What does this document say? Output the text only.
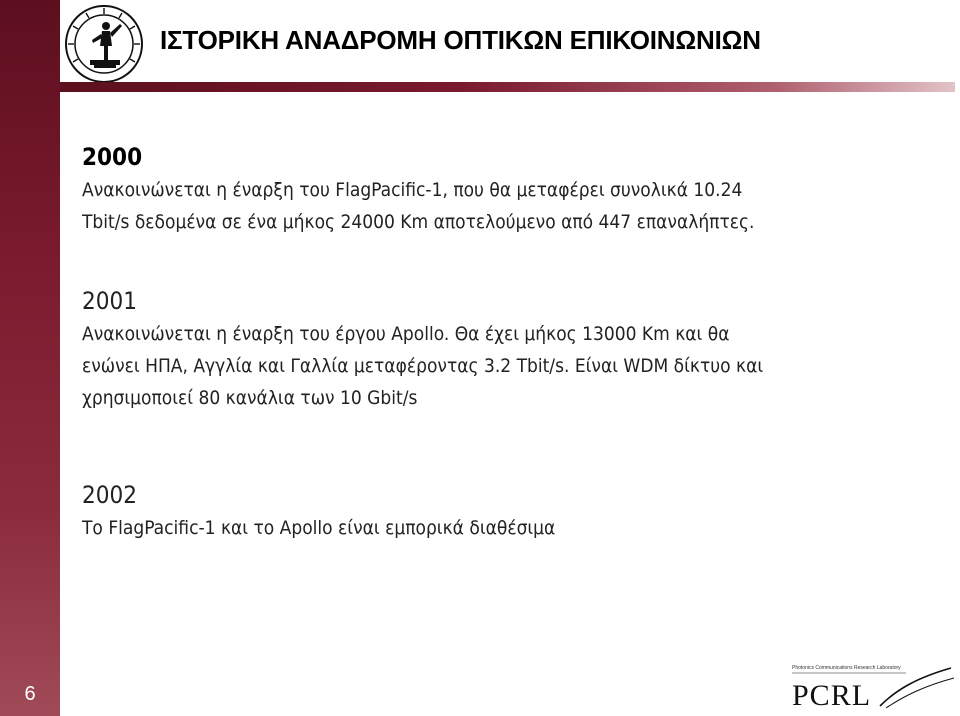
6
ΙΣΤΟΡΙΚΗ ΑΝΑΔΡΟΜΗ ΟΠΤΙΚΩΝ ΕΠΙΚΟΙΝΩΝΙΩΝ

2000

Ανακοινώνεται η έναρξη του FlagPacific-1, που θα μεταφέρει συνολικά 10.24

Tbit/s δεδομένα σε ένα μήκος 24000 Km αποτελούμενο από 447 επαναλήπτες.

2001

Ανακοινώνεται η έναρξη του έργου Apollo. Θα έχει μήκος 13000 Km και θα

ενώνει ΗΠΑ, Αγγλία και Γαλλία μεταφέροντας 3.2 Tbit/s. Είναι WDM δίκτυο και

χρησιμοποιεί 80 κανάλια των 10 Gbit/s

2002

Το FlagPacific-1 και το Apollo είναι εμπορικά διαθέσιμα

Photonics Communications Research Laboratory
PCRL
